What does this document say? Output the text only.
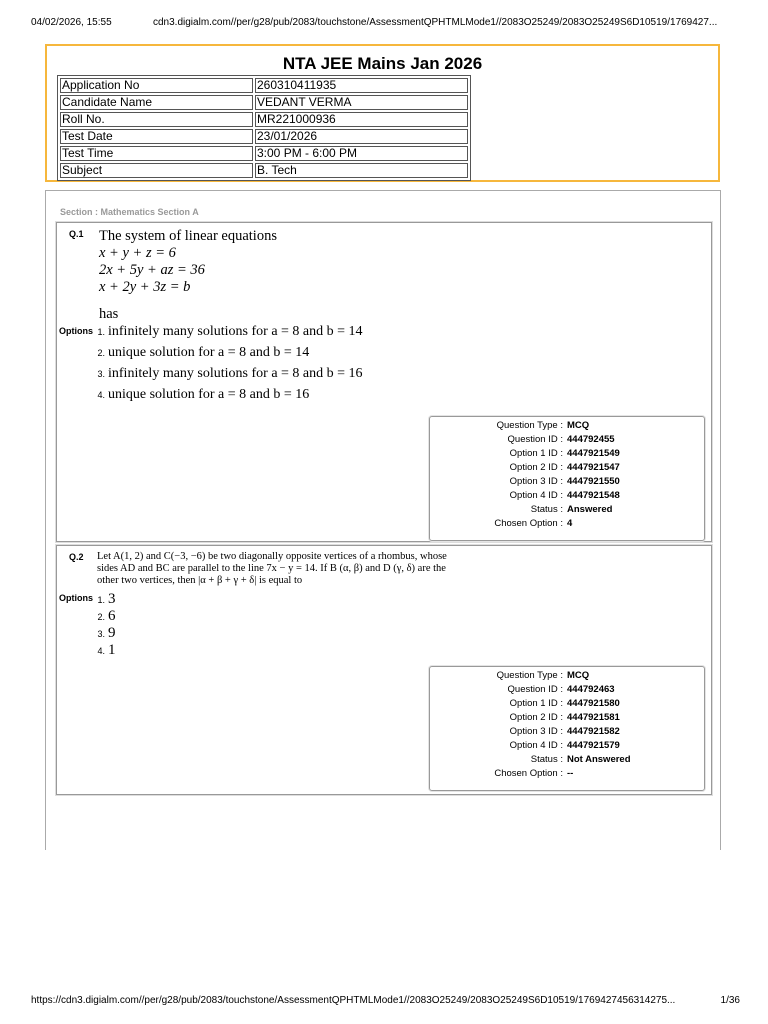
04/02/2026, 15:55	cdn3.digialm.com//per/g28/pub/2083/touchstone/AssessmentQPHTMLMode1//2083O25249/2083O25249S6D10519/1769427...
NTA JEE Mains Jan 2026
Application No	260310411935
Candidate Name	VEDANT VERMA
Roll No.	MR221000936
Test Date	23/01/2026
Test Time	3:00 PM - 6:00 PM
Subject	B. Tech
Section : Mathematics Section A
Q.1 The system of linear equations
x + y + z = 6
2x + 5y + az = 36
x + 2y + 3z = b
has
Options 1. infinitely many solutions for a = 8 and b = 14
2. unique solution for a = 8 and b = 14
3. infinitely many solutions for a = 8 and b = 16
4. unique solution for a = 8 and b = 16
Question Type : MCQ
Question ID : 444792455
Option 1 ID : 4447921549
Option 2 ID : 4447921547
Option 3 ID : 4447921550
Option 4 ID : 4447921548
Status : Answered
Chosen Option : 4
Q.2 Let A(1, 2) and C(−3, −6) be two diagonally opposite vertices of a rhombus, whose
sides AD and BC are parallel to the line 7x − y = 14. If B (α, β) and D (γ, δ) are the
other two vertices, then |α + β + γ + δ| is equal to
Options 1. 3
2. 6
3. 9
4. 1
Question Type : MCQ
Question ID : 444792463
Option 1 ID : 4447921580
Option 2 ID : 4447921581
Option 3 ID : 4447921582
Option 4 ID : 4447921579
Status : Not Answered
Chosen Option : --
https://cdn3.digialm.com//per/g28/pub/2083/touchstone/AssessmentQPHTMLMode1//2083O25249/2083O25249S6D10519/1769427456314275...	1/36
